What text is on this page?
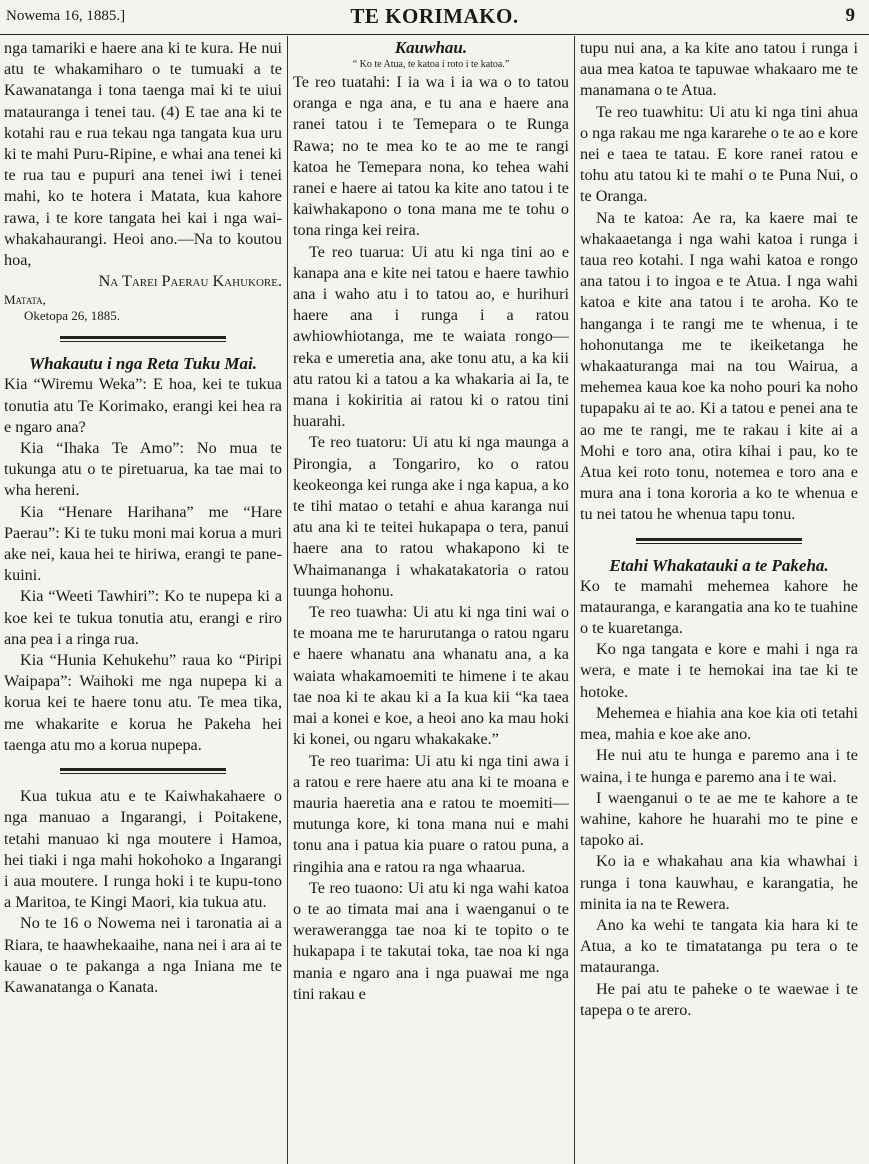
Nowema 16, 1885.]	TE KORIMAKO.	9

nga tamariki e haere ana ki te kura. He nui atu te whakamiharo o te tumuaki a te Kawanatanga i tona taenga mai ki te uiui matauranga i tenei tau. (4) E tae ana ki te kotahi rau e rua tekau nga tangata kua uru ki te mahi Puru-Ripine, e whai ana tenei ki te rua tau e pupuri ana tenei iwi i tenei mahi, ko te hotera i Matata, kua kahore rawa, i te kore tangata hei kai i nga wai-whakahaurangi. Heoi ano.—Na to koutou hoa,

Na Tarei Paerau Kahukore.

Matata,
Oketopa 26, 1885.

Whakautu i nga Reta Tuku Mai.

Kia “Wiremu Weka”: E hoa, kei te tukua tonutia atu Te Korimako, erangi kei hea ra e ngaro ana?

Kia “Ihaka Te Amo”: No mua te tukunga atu o te piretuarua, ka tae mai to wha hereni.

Kia “Henare Harihana” me “Hare Paerau”: Ki te tuku moni mai korua a muri ake nei, kaua hei te hiriwa, erangi te pane-kuini.

Kia “Weeti Tawhiri”: Ko te nupepa ki a koe kei te tukua tonutia atu, erangi e riro ana pea i a ringa rua.

Kia “Hunia Kehukehu” raua ko “Piripi Waipapa”: Waihoki me nga nupepa ki a korua kei te haere tonu atu. Te mea tika, me whakarite e korua he Pakeha hei taenga atu mo a korua nupepa.

Kua tukua atu e te Kaiwhakahaere o nga manuao a Ingarangi, i Poitakene, tetahi manuao ki nga moutere i Hamoa, hei tiaki i nga mahi hokohoko a Ingarangi i aua moutere. I runga hoki i te kupu-tono a Maritoa, te Kingi Maori, kia tukua atu.

No te 16 o Nowema nei i taronatia ai a Riara, te haawhekaaihe, nana nei i ara ai te kauae o te pakanga a nga Iniana me te Kawanatanga o Kanata.

Kauwhau.

“ Ko te Atua, te katoa i roto i te katoa.”

Te reo tuatahi: I ia wa i ia wa o to tatou oranga e nga ana, e tu ana e haere ana ranei tatou i te Temepara o te Runga Rawa; no te mea ko te ao me te rangi katoa he Temepara nona, ko tehea wahi ranei e haere ai tatou ka kite ano tatou i te kaiwhakapono o tona mana me te tohu o tona ringa kei reira.

Te reo tuarua: Ui atu ki nga tini ao e kanapa ana e kite nei tatou e haere tawhio ana i waho atu i to tatou ao, e hurihuri haere ana i runga i a ratou awhiowhiotanga, me te waiata rongo—reka e umeretia ana, ake tonu atu, a ka kii atu ratou ki a tatou a ka whakaria ai Ia, te mana i kokiritia ai ratou ki o ratou tini huarahi.

Te reo tuatoru: Ui atu ki nga maunga a Pirongia, a Tongariro, ko o ratou keokeonga kei runga ake i nga kapua, a ko te tihi matao o tetahi e ahua karanga nui atu ana ki te teitei hukapapa o tera, panui haere ana to ratou whakapono ki te Whaimananga i whakatakatoria o ratou tuunga hohonu.

Te reo tuawha: Ui atu ki nga tini wai o te moana me te harurutanga o ratou ngaru e haere whanatu ana whanatu ana, a ka waiata whakamoemiti te himene i te akau tae noa ki te akau ki a Ia kua kii “ka taea mai a konei e koe, a heoi ano ka mau hoki ki konei, ou ngaru whakakake.”

Te reo tuarima: Ui atu ki nga tini awa i a ratou e rere haere atu ana ki te moana e mauria haeretia ana e ratou te moemiti—mutunga kore, ki tona mana nui e mahi tonu ana i patua kia puare o ratou puna, a ringihia ana e ratou ra nga whaarua.

Te reo tuaono: Ui atu ki nga wahi katoa o te ao timata mai ana i waenganui o te werawerangga tae noa ki te topito o te hukapapa i te takutai toka, tae noa ki nga mania e ngaro ana i nga puawai me nga tini rakau e

tupu nui ana, a ka kite ano tatou i runga i aua mea katoa te tapuwae whakaaro me te manamana o te Atua.

Te reo tuawhitu: Ui atu ki nga tini ahua o nga rakau me nga kararehe o te ao e kore nei e taea te tatau. E kore ranei ratou e tohu atu tatou ki te mahi o te Puna Nui, o te Oranga.

Na te katoa: Ae ra, ka kaere mai te whakaaetanga i nga wahi katoa i runga i taua reo kotahi. I nga wahi katoa e rongo ana tatou i to ingoa e te Atua. I nga wahi katoa e kite ana tatou i te aroha. Ko te hanganga i te rangi me te whenua, i te hohonutanga me te ikeiketanga he whakaaturanga mai na tou Wairua, a mehemea kaua koe ka noho pouri ka noho tupapaku ai te ao. Ki a tatou e penei ana te ao me te rangi, me te rakau i kite ai a Mohi e toro ana, otira kihai i pau, ko te Atua kei roto tonu, notemea e toro ana e mura ana i tona kororia a ko te whenua e tu nei tatou he whenua tapu tonu.

Etahi Whakatauki a te Pakeha.

Ko te mamahi mehemea kahore he matauranga, e karangatia ana ko te tuahine o te kuaretanga.

Ko nga tangata e kore e mahi i nga ra wera, e mate i te hemokai ina tae ki te hotoke.

Mehemea e hiahia ana koe kia oti tetahi mea, mahia e koe ake ano.

He nui atu te hunga e paremo ana i te waina, i te hunga e paremo ana i te wai.

I waenganui o te ae me te kahore a te wahine, kahore he huarahi mo te pine e tapoko ai.

Ko ia e whakahau ana kia whawhai i runga i tona kauwhau, e karangatia, he minita ia na te Rewera.

Ano ka wehi te tangata kia hara ki te Atua, a ko te timatatanga pu tera o te matauranga.

He pai atu te paheke o te waewae i te tapepa o te arero.
